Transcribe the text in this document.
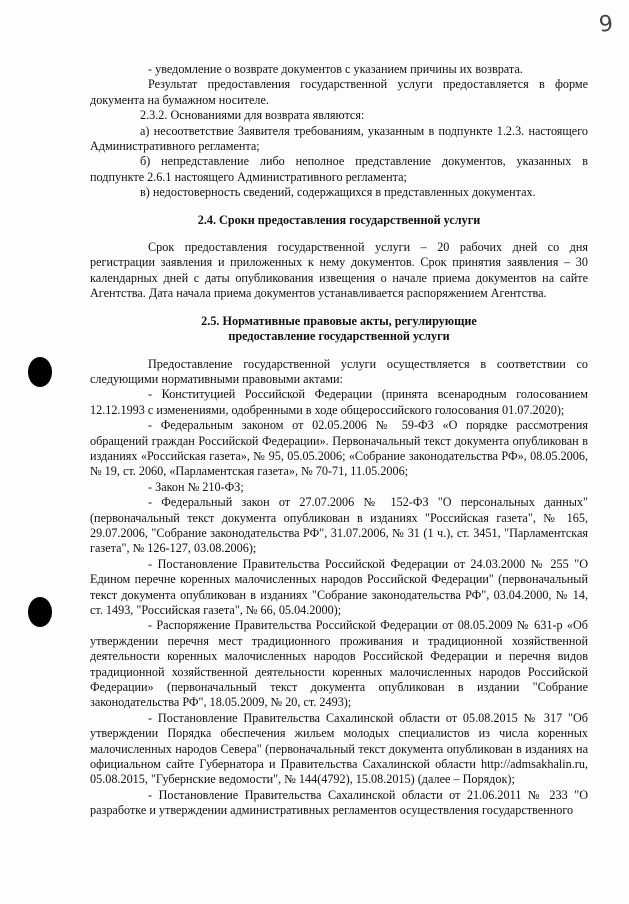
9

- уведомление о возврате документов с указанием причины их возврата.

Результат предоставления государственной услуги предоставляется в форме документа на бумажном носителе.

2.3.2. Основаниями для возврата являются:

а) несоответствие Заявителя требованиям, указанным в подпункте 1.2.3. настоящего Административного регламента;

б) непредставление либо неполное представление документов, указанных в подпункте 2.6.1 настоящего Административного регламента;

в) недостоверность сведений, содержащихся в представленных документах.

2.4. Сроки предоставления государственной услуги

Срок предоставления государственной услуги – 20 рабочих дней со дня регистрации заявления и приложенных к нему документов. Срок принятия заявления – 30 календарных дней с даты опубликования извещения о начале приема документов на сайте Агентства. Дата начала приема документов устанавливается распоряжением Агентства.

2.5. Нормативные правовые акты, регулирующие

предоставление государственной услуги

Предоставление государственной услуги осуществляется в соответствии со следующими нормативными правовыми актами:

- Конституцией Российской Федерации (принята всенародным голосованием 12.12.1993 с изменениями, одобренными в ходе общероссийского голосования 01.07.2020);

- Федеральным законом от 02.05.2006 № 59-ФЗ «О порядке рассмотрения обращений граждан Российской Федерации». Первоначальный текст документа опубликован в изданиях «Российская газета», № 95, 05.05.2006; «Собрание законодательства РФ», 08.05.2006, № 19, ст. 2060, «Парламентская газета», № 70-71, 11.05.2006;

- Закон № 210-ФЗ;

- Федеральный закон от 27.07.2006 № 152-ФЗ "О персональных данных" (первоначальный текст документа опубликован в изданиях "Российская газета", № 165, 29.07.2006, "Собрание законодательства РФ", 31.07.2006, № 31 (1 ч.), ст. 3451, "Парламентская газета", № 126-127, 03.08.2006);

- Постановление Правительства Российской Федерации от 24.03.2000 № 255 "О Едином перечне коренных малочисленных народов Российской Федерации" (первоначальный текст документа опубликован в изданиях "Собрание законодательства РФ", 03.04.2000, № 14, ст. 1493, "Российская газета", № 66, 05.04.2000);

- Распоряжение Правительства Российской Федерации от 08.05.2009 № 631-р «Об утверждении перечня мест традиционного проживания и традиционной хозяйственной деятельности коренных малочисленных народов Российской Федерации и перечня видов традиционной хозяйственной деятельности коренных малочисленных народов Российской Федерации» (первоначальный текст документа опубликован в издании "Собрание законодательства РФ", 18.05.2009, № 20, ст. 2493);

- Постановление Правительства Сахалинской области от 05.08.2015 № 317 "Об утверждении Порядка обеспечения жильем молодых специалистов из числа коренных малочисленных народов Севера" (первоначальный текст документа опубликован в изданиях на официальном сайте Губернатора и Правительства Сахалинской области http://admsakhalin.ru, 05.08.2015, "Губернские ведомости", № 144(4792), 15.08.2015) (далее – Порядок);

- Постановление Правительства Сахалинской области от 21.06.2011 № 233 "О разработке и утверждении административных регламентов осуществления государственного
